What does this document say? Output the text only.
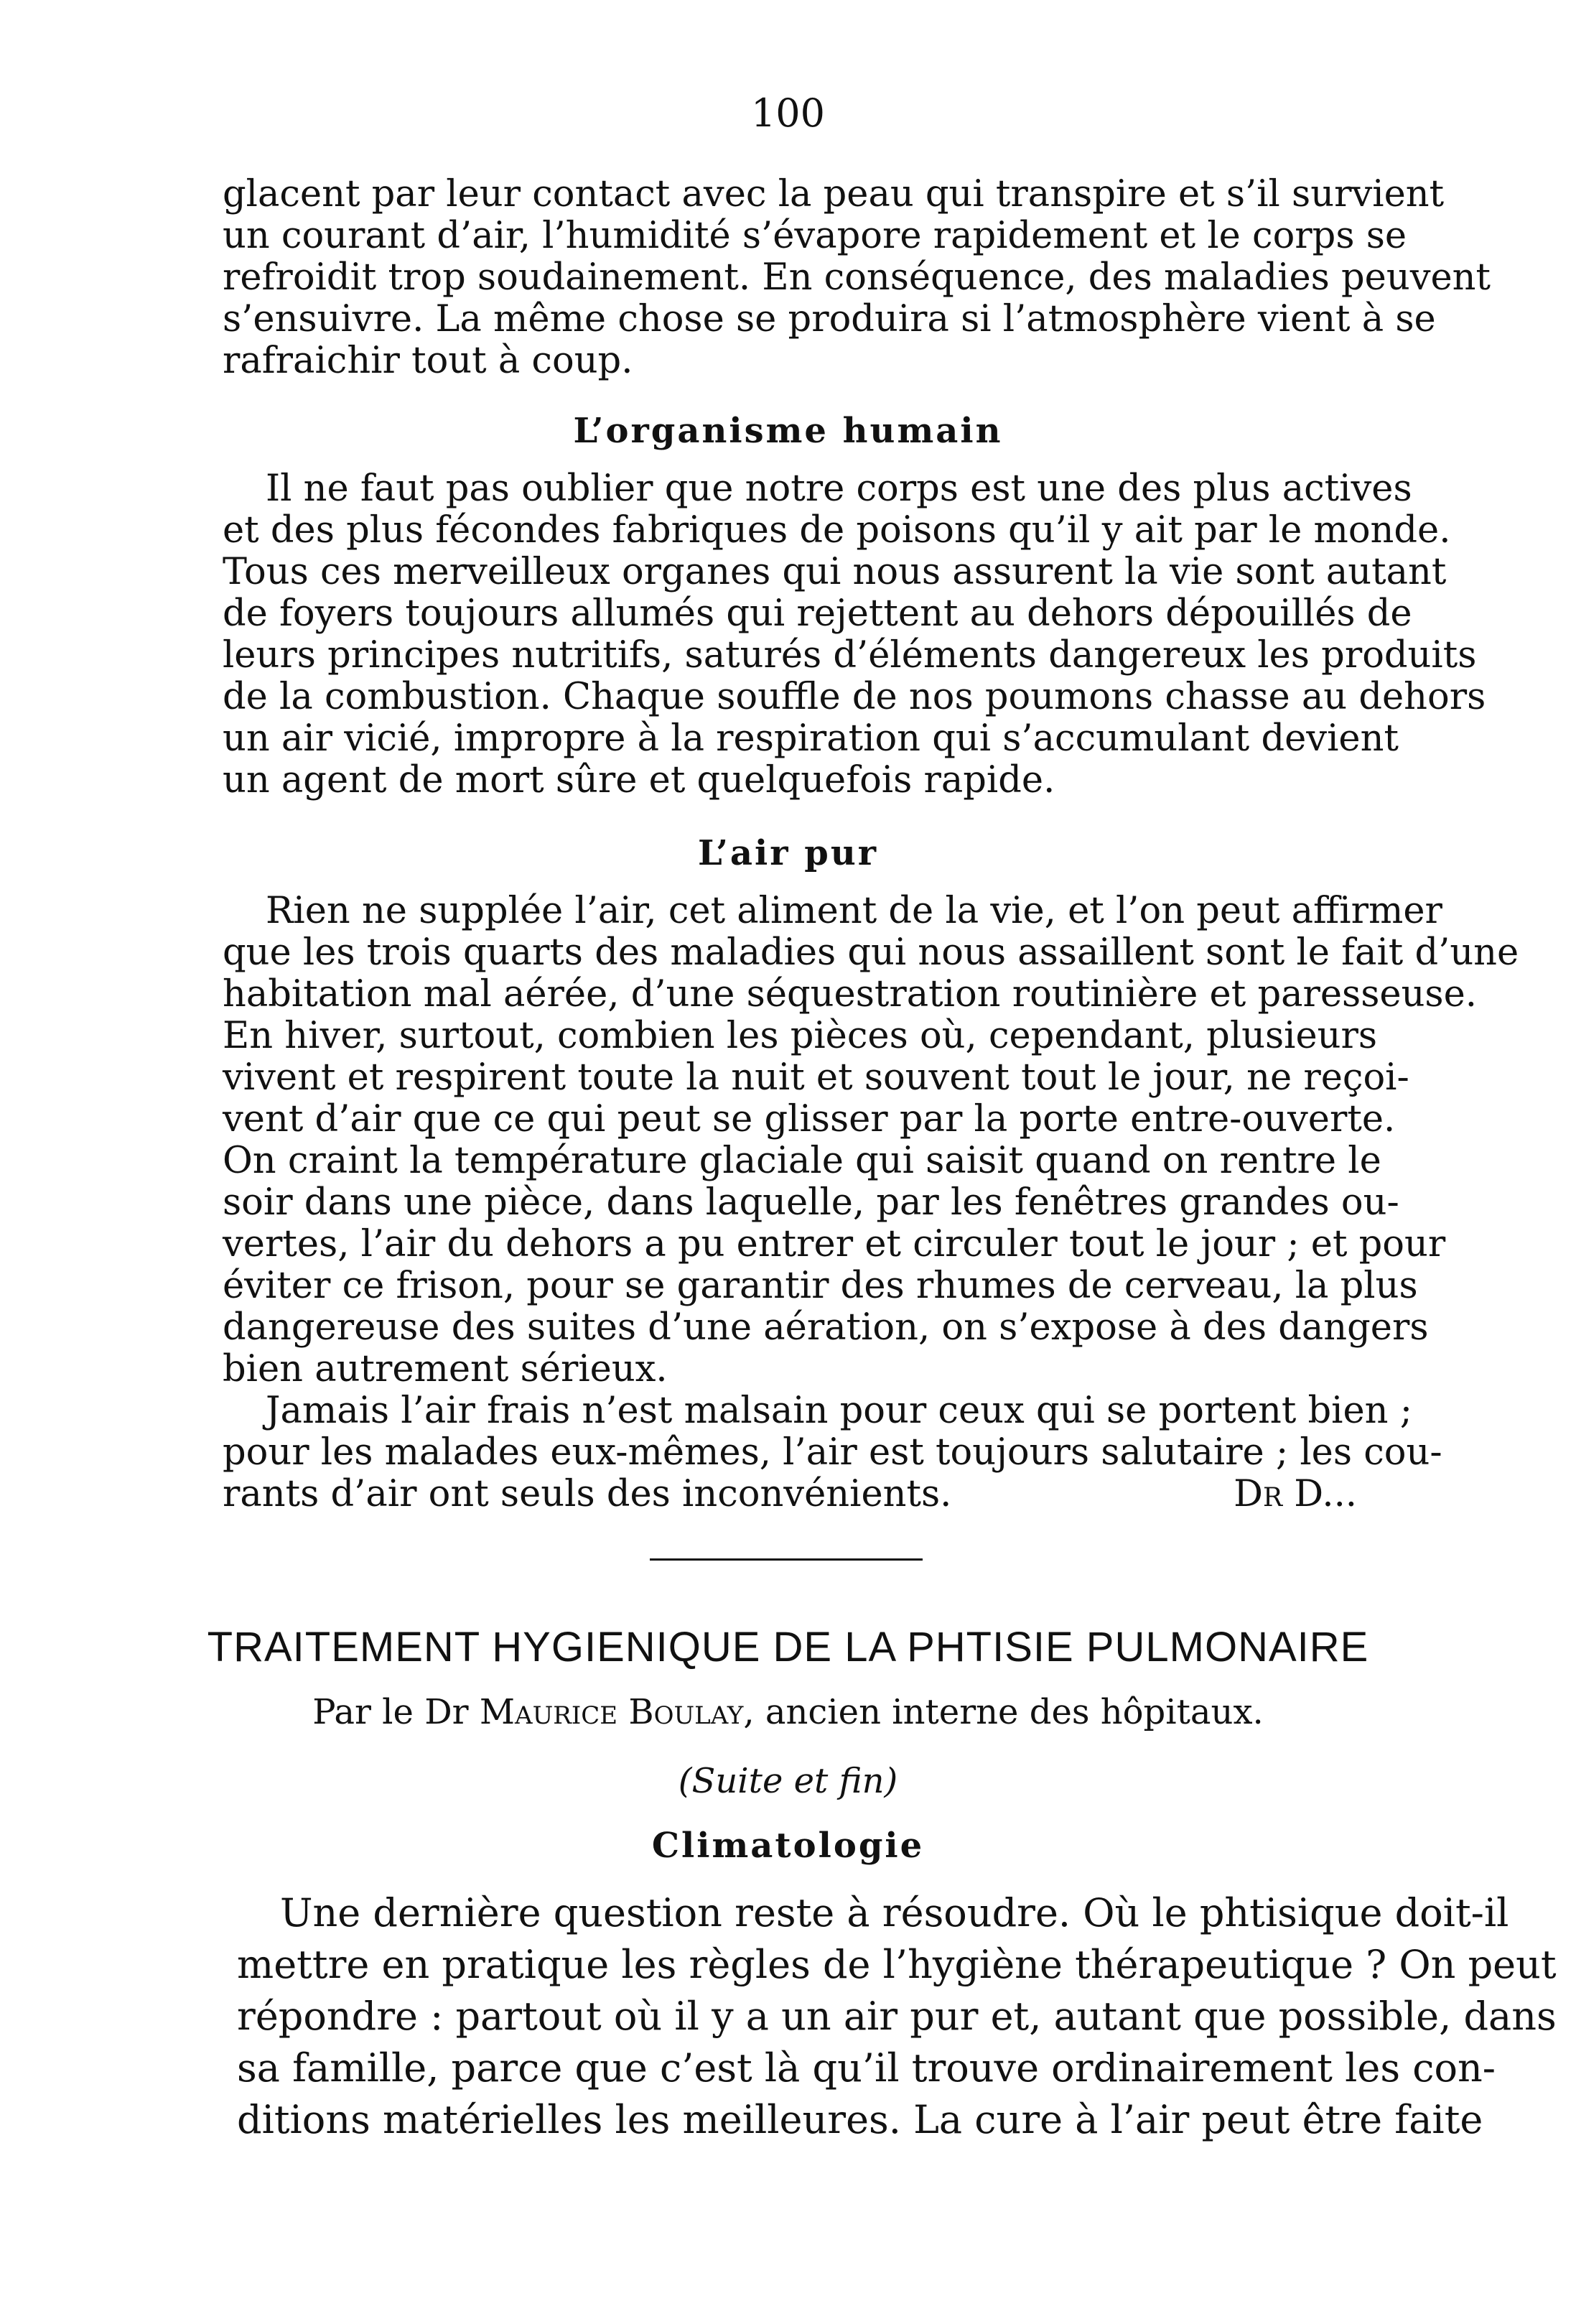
100
glacent par leur contact avec la peau qui transpire et s’il survient
un courant d’air, l’humidité s’évapore rapidement et le corps se
refroidit trop soudainement. En conséquence, des maladies peuvent
s’ensuivre. La même chose se produira si l’atmosphère vient à se
rafraichir tout à coup.
L’organisme humain
Il ne faut pas oublier que notre corps est une des plus actives
et des plus fécondes fabriques de poisons qu’il y ait par le monde.
Tous ces merveilleux organes qui nous assurent la vie sont autant
de foyers toujours allumés qui rejettent au dehors dépouillés de
leurs principes nutritifs, saturés d’éléments dangereux les produits
de la combustion. Chaque souffle de nos poumons chasse au dehors
un air vicié, impropre à la respiration qui s’accumulant devient
un agent de mort sûre et quelquefois rapide.
L’air pur
Rien ne supplée l’air, cet aliment de la vie, et l’on peut affirmer
que les trois quarts des maladies qui nous assaillent sont le fait d’une
habitation mal aérée, d’une séquestration routinière et paresseuse.
En hiver, surtout, combien les pièces où, cependant, plusieurs
vivent et respirent toute la nuit et souvent tout le jour, ne reçoi-
vent d’air que ce qui peut se glisser par la porte entre-ouverte.
On craint la température glaciale qui saisit quand on rentre le
soir dans une pièce, dans laquelle, par les fenêtres grandes ou-
vertes, l’air du dehors a pu entrer et circuler tout le jour ; et pour
éviter ce frison, pour se garantir des rhumes de cerveau, la plus
dangereuse des suites d’une aération, on s’expose à des dangers
bien autrement sérieux.
Jamais l’air frais n’est malsain pour ceux qui se portent bien ;
pour les malades eux-mêmes, l’air est toujours salutaire ; les cou-
rants d’air ont seuls des inconvénients.	Dr D...
TRAITEMENT HYGIENIQUE DE LA PHTISIE PULMONAIRE
Par le Dr Maurice Boulay, ancien interne des hôpitaux.
(Suite et fin)
Climatologie
Une dernière question reste à résoudre. Où le phtisique doit-il
mettre en pratique les règles de l’hygiène thérapeutique ? On peut
répondre : partout où il y a un air pur et, autant que possible, dans
sa famille, parce que c’est là qu’il trouve ordinairement les con-
ditions matérielles les meilleures. La cure à l’air peut être faite
